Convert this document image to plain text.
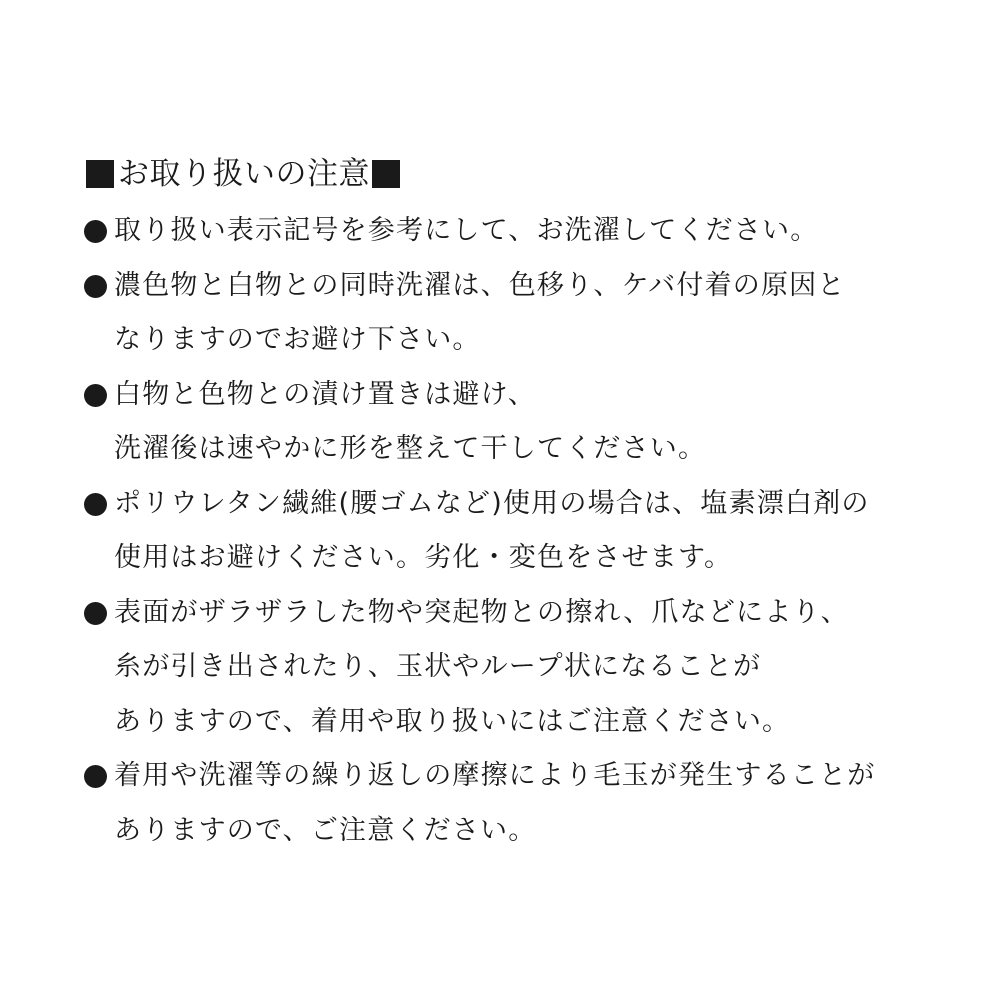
お取り扱いの注意
取り扱い表示記号を参考にして、お洗濯してください。
濃色物と白物との同時洗濯は、色移り、ケバ付着の原因と
なりますのでお避け下さい。
白物と色物との漬け置きは避け、
洗濯後は速やかに形を整えて干してください。
ポリウレタン繊維(腰ゴムなど)使用の場合は、塩素漂白剤の
使用はお避けください。劣化・変色をさせます。
表面がザラザラした物や突起物との擦れ、爪などにより、
糸が引き出されたり、玉状やループ状になることが
ありますので、着用や取り扱いにはご注意ください。
着用や洗濯等の繰り返しの摩擦により毛玉が発生することが
ありますので、ご注意ください。
